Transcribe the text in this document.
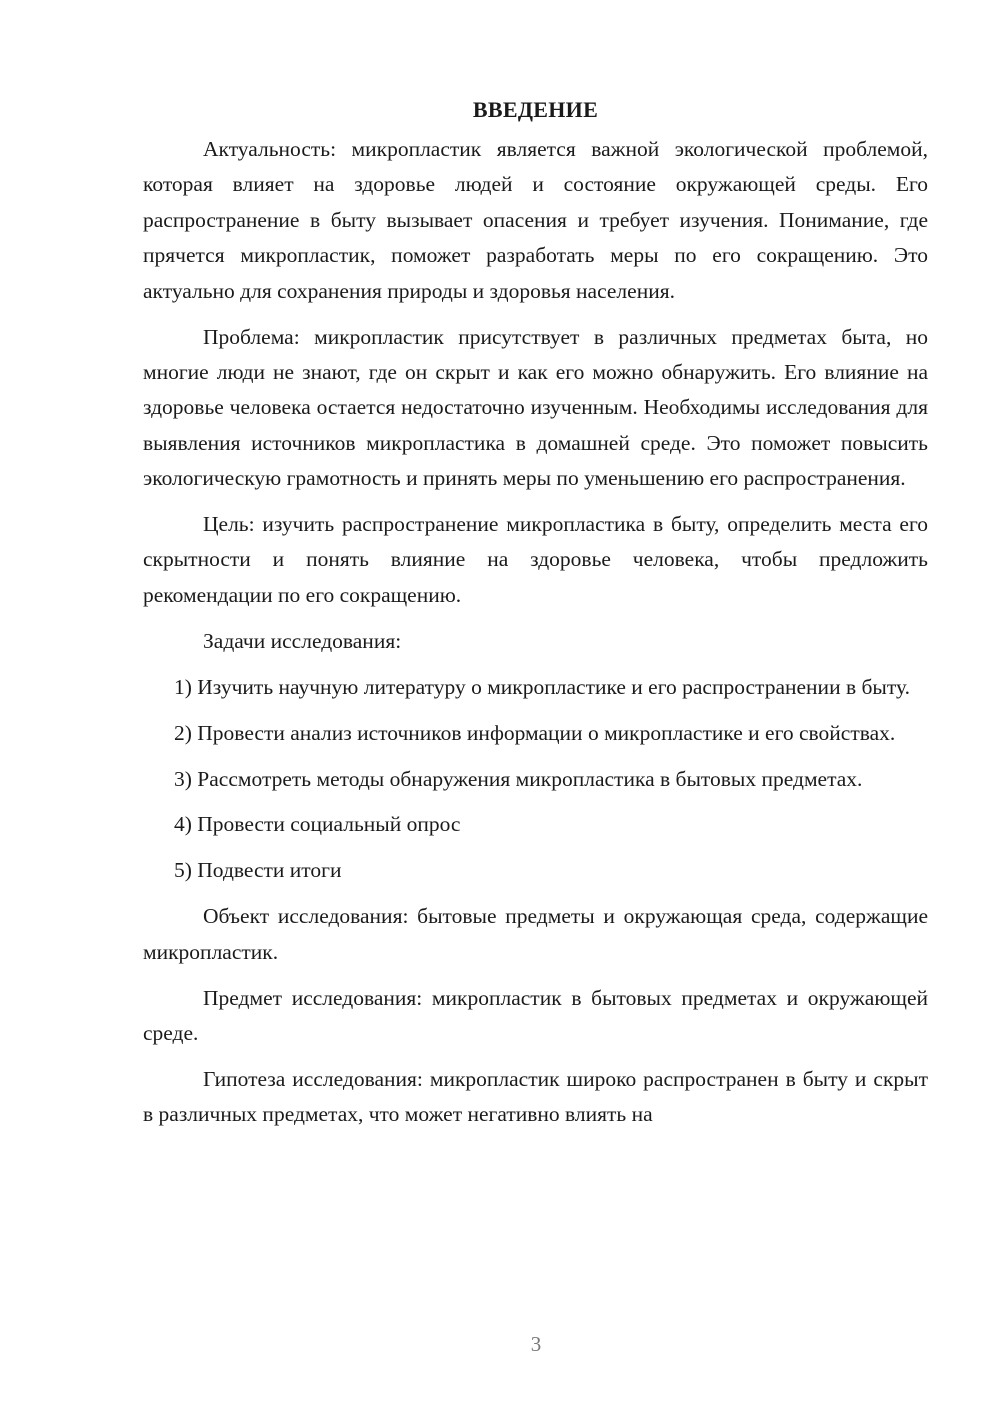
ВВЕДЕНИЕ

Актуальность: микропластик является важной экологической проблемой, которая влияет на здоровье людей и состояние окружающей среды. Его распространение в быту вызывает опасения и требует изучения. Понимание, где прячется микропластик, поможет разработать меры по его сокращению. Это актуально для сохранения природы и здоровья населения.

Проблема: микропластик присутствует в различных предметах быта, но многие люди не знают, где он скрыт и как его можно обнаружить. Его влияние на здоровье человека остается недостаточно изученным. Необходимы исследования для выявления источников микропластика в домашней среде. Это поможет повысить экологическую грамотность и принять меры по уменьшению его распространения.

Цель: изучить распространение микропластика в быту, определить места его скрытности и понять влияние на здоровье человека, чтобы предложить рекомендации по его сокращению.

Задачи исследования:

1) Изучить научную литературу о микропластике и его распространении в быту.

2) Провести анализ источников информации о микропластике и его свойствах.

3) Рассмотреть методы обнаружения микропластика в бытовых предметах.

4) Провести социальный опрос

5) Подвести итоги

Объект исследования: бытовые предметы и окружающая среда, содержащие микропластик.

Предмет исследования: микропластик в бытовых предметах и окружающей среде.

Гипотеза исследования: микропластик широко распространен в быту и скрыт в различных предметах, что может негативно влиять на

3
